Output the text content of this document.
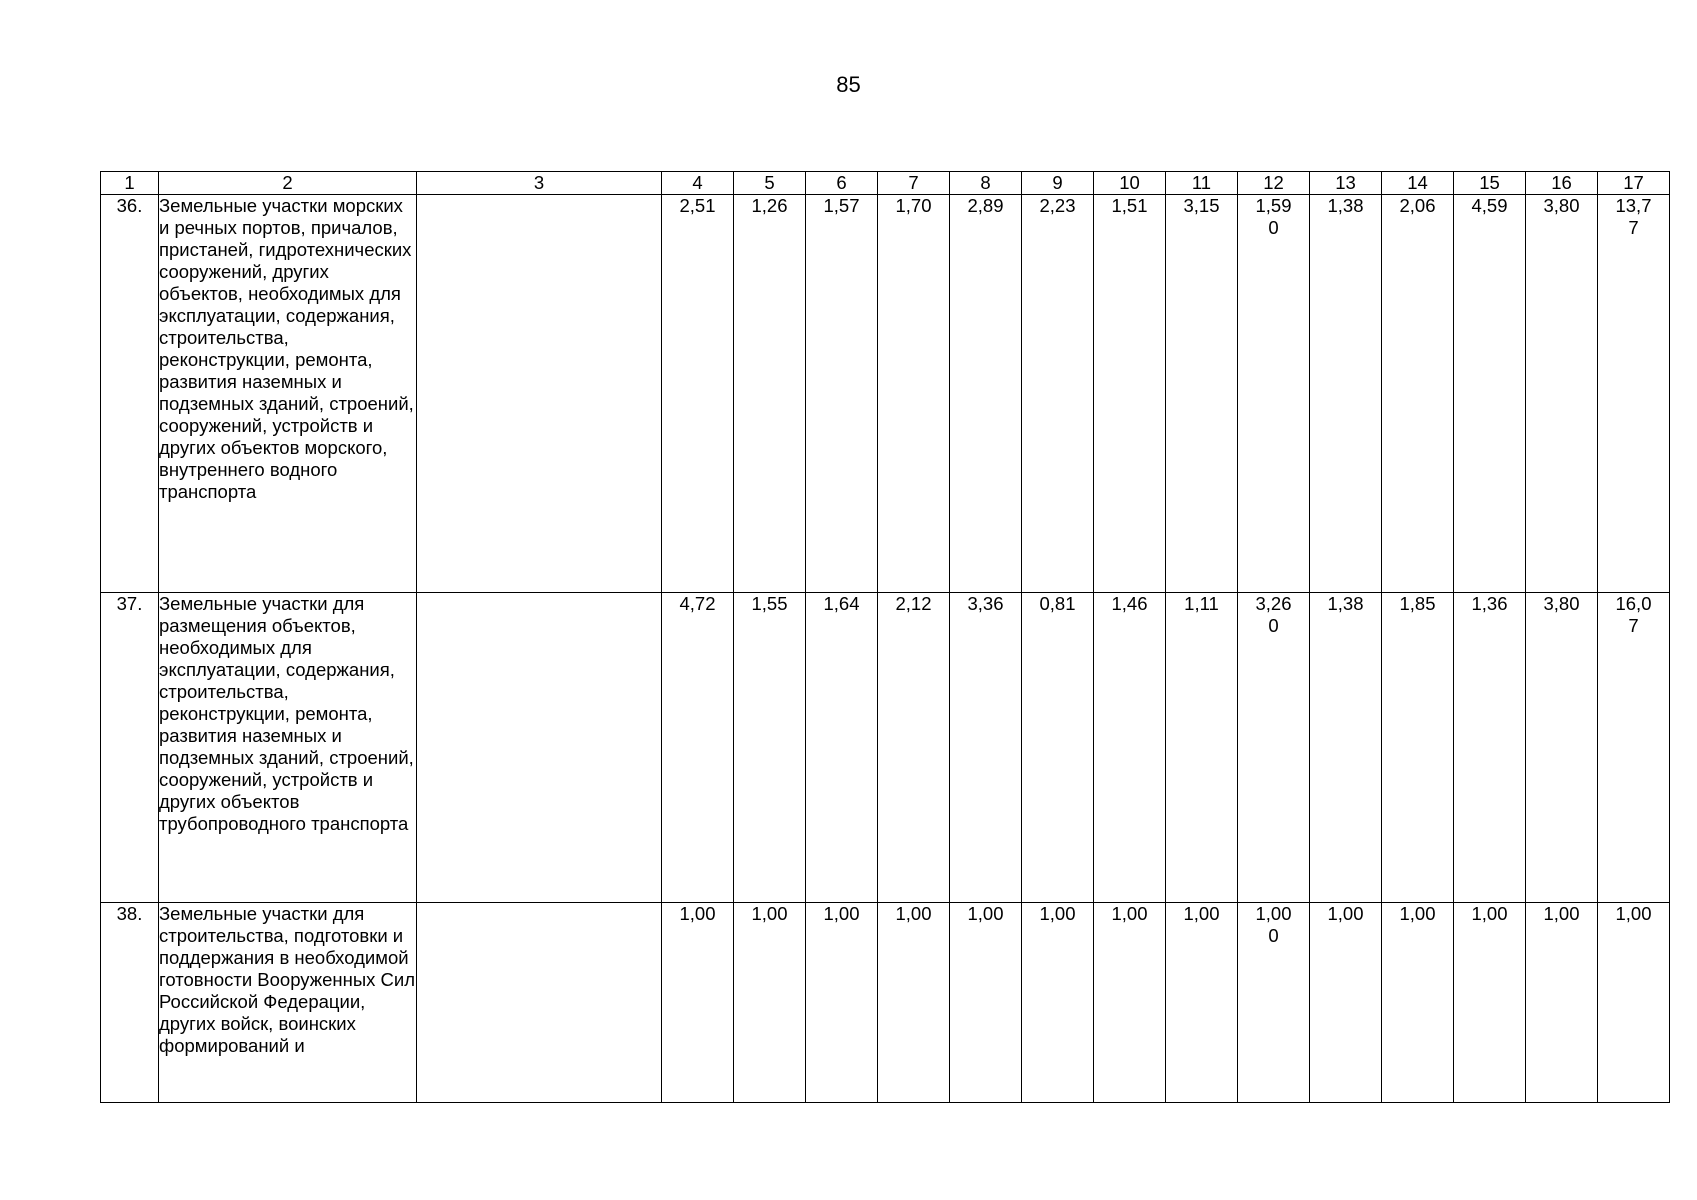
85
1	2	3	4	5	6	7	8	9	10	11	12	13	14	15	16	17
36.	Земельные участки морских и речных портов, причалов, пристаней, гидротехнических сооружений, других объектов, необходимых для эксплуатации, содержания, строительства, реконструкции, ремонта, развития наземных и подземных зданий, строений, сооружений, устройств и других объектов морского, внутреннего водного транспорта		2,51	1,26	1,57	1,70	2,89	2,23	1,51	3,15	1,590	1,38	2,06	4,59	3,80	13,77
37.	Земельные участки для размещения объектов, необходимых для эксплуатации, содержания, строительства, реконструкции, ремонта, развития наземных и подземных зданий, строений, сооружений, устройств и других объектов трубопроводного транспорта		4,72	1,55	1,64	2,12	3,36	0,81	1,46	1,11	3,260	1,38	1,85	1,36	3,80	16,07
38.	Земельные участки для строительства, подготовки и поддержания в необходимой готовности Вооруженных Сил Российской Федерации, других войск, воинских формирований и		1,00	1,00	1,00	1,00	1,00	1,00	1,00	1,00	1,000	1,00	1,00	1,00	1,00	1,00
